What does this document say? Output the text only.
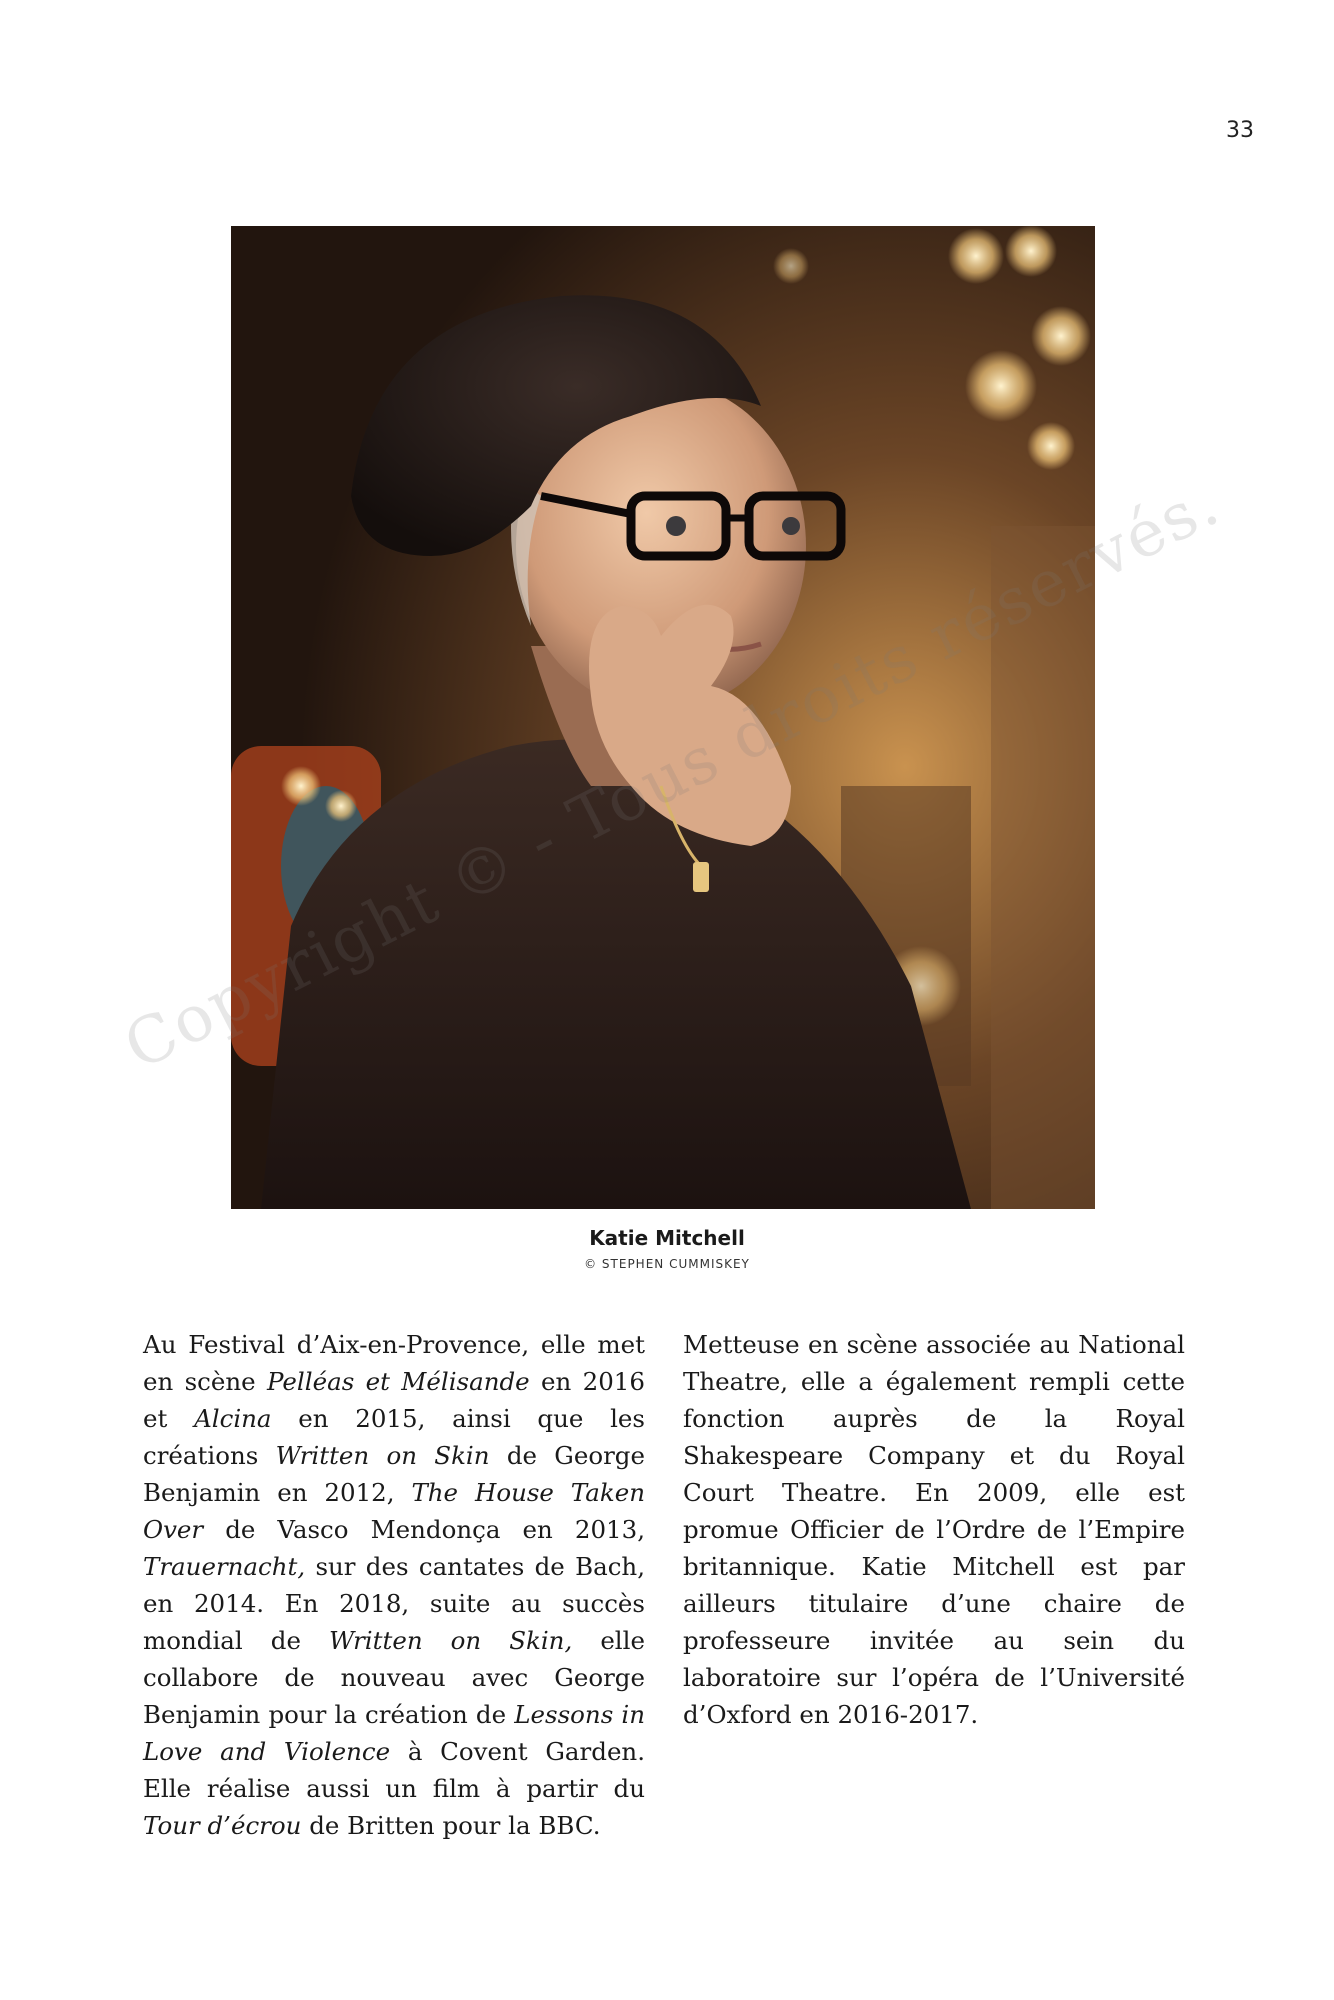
33
Katie Mitchell
© STEPHEN CUMMISKEY
Au Festival d’Aix-en-Provence, elle met en scène Pelléas et Mélisande en 2016 et Alcina en 2015, ainsi que les créations Written on Skin de George Benjamin en 2012, The House Taken Over de Vasco Mendonça en 2013, Trauernacht, sur des cantates de Bach, en 2014. En 2018, suite au succès mondial de Written on Skin, elle collabore de nouveau avec George Benjamin pour la création de Lessons in Love and Violence à Covent Garden. Elle réalise aussi un film à partir du Tour d’écrou de Britten pour la BBC.
Metteuse en scène associée au National Theatre, elle a également rempli cette fonction auprès de la Royal Shakespeare Company et du Royal Court Theatre. En 2009, elle est promue Officier de l’Ordre de l’Empire britannique. Katie Mitchell est par ailleurs titulaire d’une chaire de professeure invitée au sein du laboratoire sur l’opéra de l’Université d’Oxford en 2016-2017.
